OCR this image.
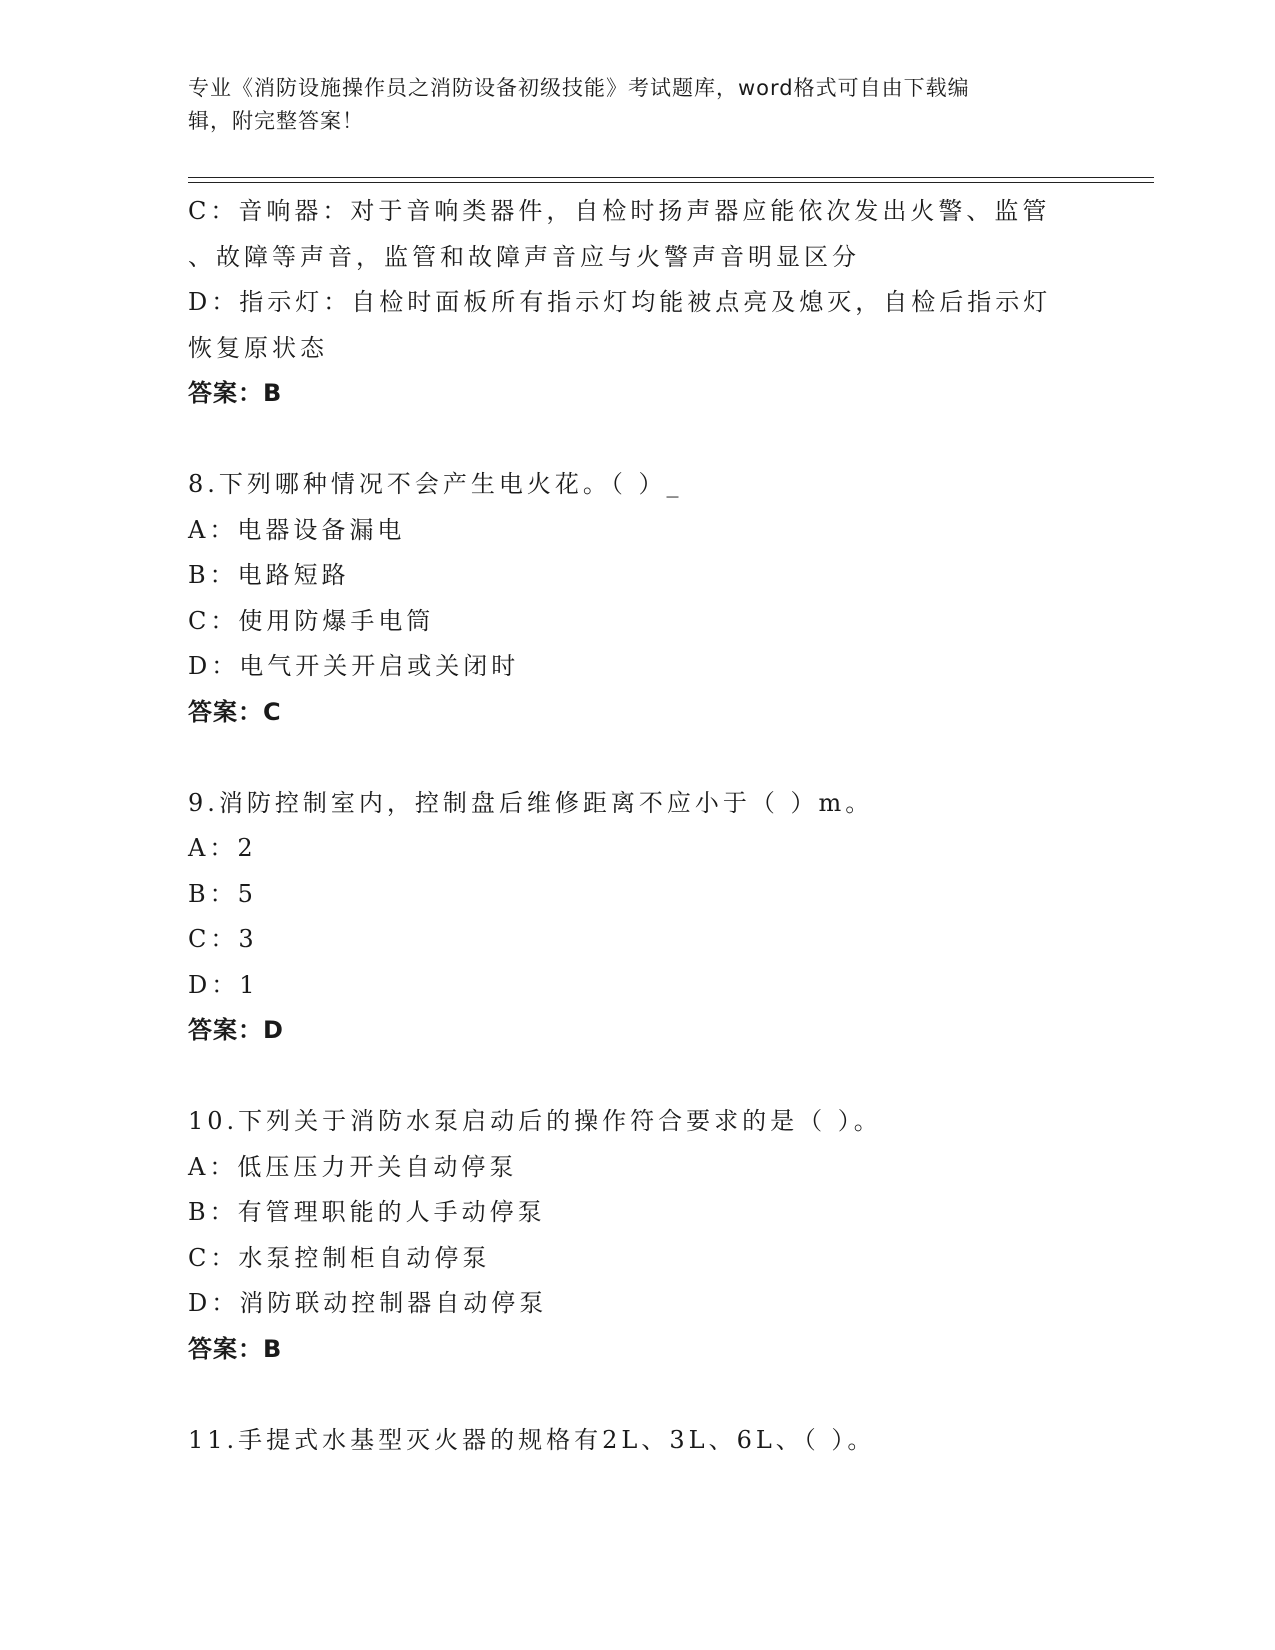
专业《消防设施操作员之消防设备初级技能》考试题库，word格式可自由下载编
辑，附完整答案！
C：音响器：对于音响类器件，自检时扬声器应能依次发出火警、监管
、故障等声音，监管和故障声音应与火警声音明显区分
D：指示灯：自检时面板所有指示灯均能被点亮及熄灭，自检后指示灯
恢复原状态
答案：B
8.下列哪种情况不会产生电火花。（ ）_
A：电器设备漏电
B：电路短路
C：使用防爆手电筒
D：电气开关开启或关闭时
答案：C
9.消防控制室内，控制盘后维修距离不应小于（ ）m。
A：2
B：5
C：3
D：1
答案：D
10.下列关于消防水泵启动后的操作符合要求的是（ ）。
A：低压压力开关自动停泵
B：有管理职能的人手动停泵
C：水泵控制柜自动停泵
D：消防联动控制器自动停泵
答案：B
11.手提式水基型灭火器的规格有2L、3L、6L、（ ）。
